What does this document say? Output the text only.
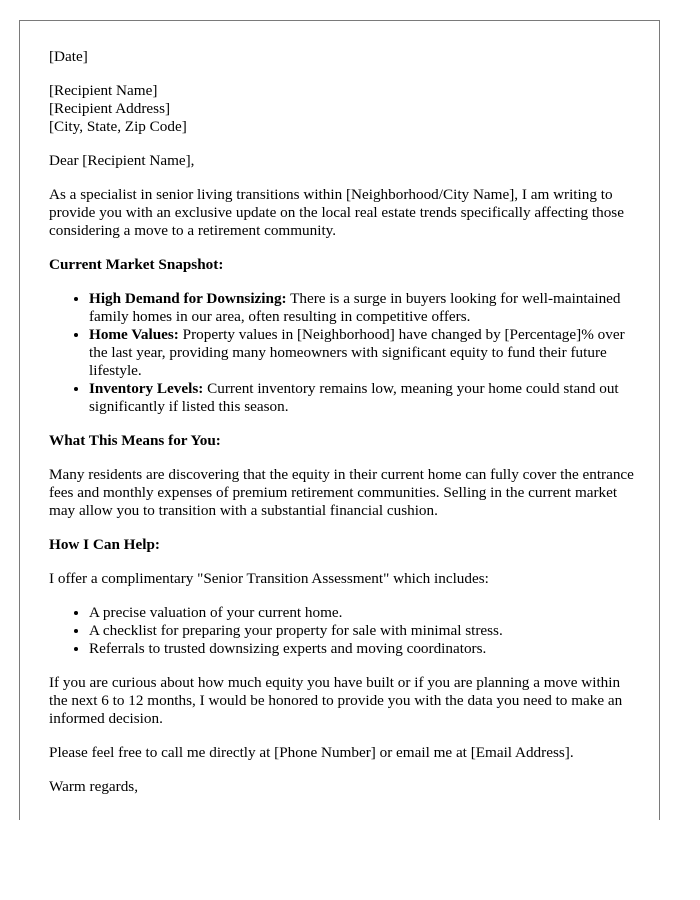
[Date]

[Recipient Name]
[Recipient Address]
[City, State, Zip Code]

Dear [Recipient Name],

As a specialist in senior living transitions within [Neighborhood/City Name], I am writing to provide you with an exclusive update on the local real estate trends specifically affecting those considering a move to a retirement community.

Current Market Snapshot:
• High Demand for Downsizing: There is a surge in buyers looking for well-maintained family homes in our area, often resulting in competitive offers.
• Home Values: Property values in [Neighborhood] have changed by [Percentage]% over the last year, providing many homeowners with significant equity to fund their future lifestyle.
• Inventory Levels: Current inventory remains low, meaning your home could stand out significantly if listed this season.
What This Means for You:

Many residents are discovering that the equity in their current home can fully cover the entrance fees and monthly expenses of premium retirement communities. Selling in the current market may allow you to transition with a substantial financial cushion.

How I Can Help:

I offer a complimentary "Senior Transition Assessment" which includes:

• A precise valuation of your current home.
• A checklist for preparing your property for sale with minimal stress.
• Referrals to trusted downsizing experts and moving coordinators.

If you are curious about how much equity you have built or if you are planning a move within the next 6 to 12 months, I would be honored to provide you with the data you need to make an informed decision.

Please feel free to call me directly at [Phone Number] or email me at [Email Address].

Warm regards,
